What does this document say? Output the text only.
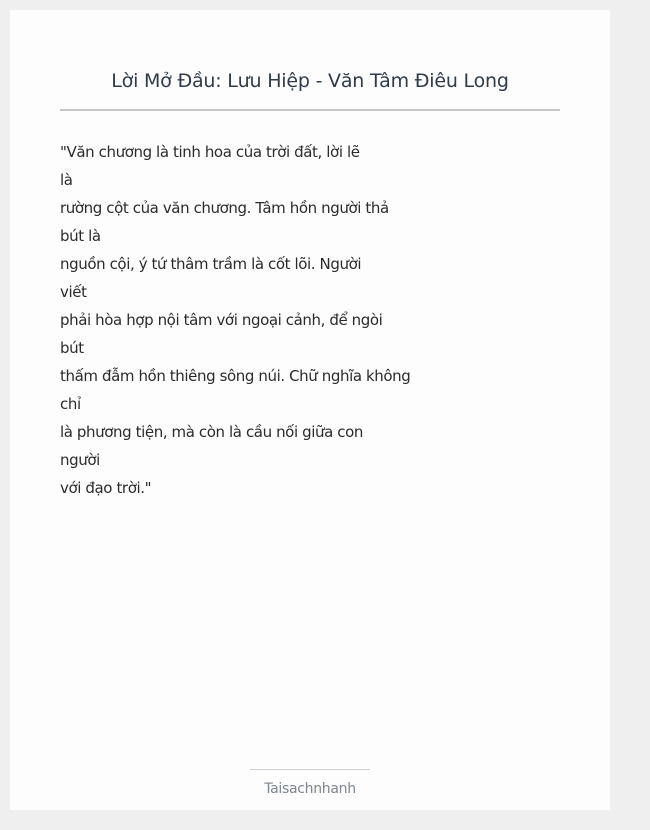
Lời Mở Đầu: Lưu Hiệp - Văn Tâm Điêu Long
"Văn chương là tinh hoa của trời đất, lời lẽ
là
rường cột của văn chương. Tâm hồn người thả
bút là
nguồn cội, ý tứ thâm trầm là cốt lõi. Người
viết
phải hòa hợp nội tâm với ngoại cảnh, để ngòi
bút
thấm đẫm hồn thiêng sông núi. Chữ nghĩa không
chỉ
là phương tiện, mà còn là cầu nối giữa con
người
với đạo trời."
Taisachnhanh
